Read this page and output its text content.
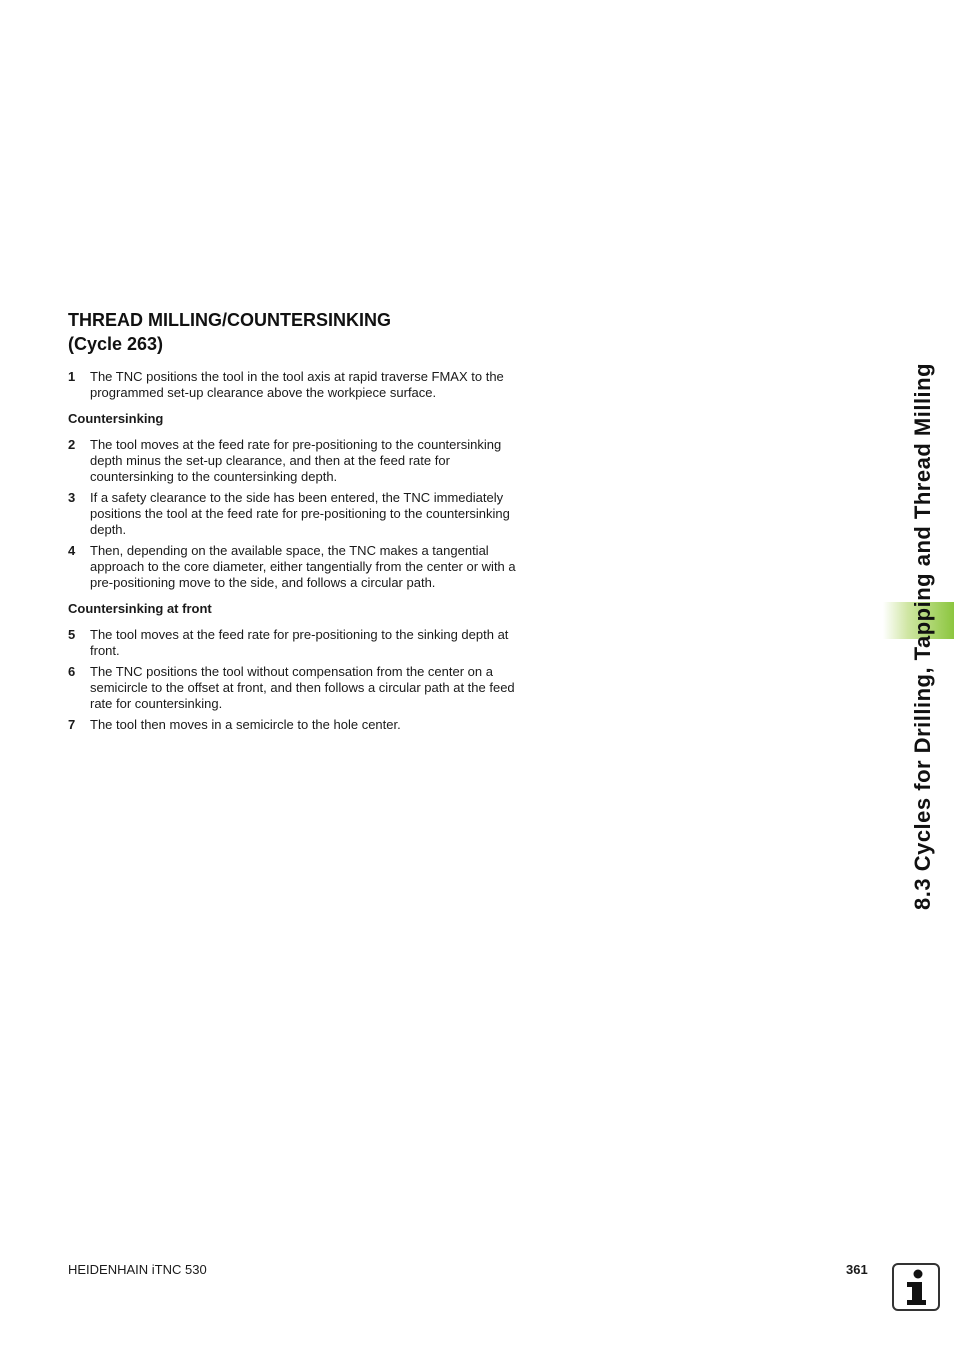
THREAD MILLING/COUNTERSINKING
(Cycle 263)
1	The TNC positions the tool in the tool axis at rapid traverse FMAX to the programmed set-up clearance above the workpiece surface.
Countersinking
2	The tool moves at the feed rate for pre-positioning to the countersinking depth minus the set-up clearance, and then at the feed rate for countersinking to the countersinking depth.
3	If a safety clearance to the side has been entered, the TNC immediately positions the tool at the feed rate for pre-positioning to the countersinking depth.
4	Then, depending on the available space, the TNC makes a tangential approach to the core diameter, either tangentially from the center or with a pre-positioning move to the side, and follows a circular path.
Countersinking at front
5	The tool moves at the feed rate for pre-positioning to the sinking depth at front.
6	The TNC positions the tool without compensation from the center on a semicircle to the offset at front, and then follows a circular path at the feed rate for countersinking.
7	The tool then moves in a semicircle to the hole center.	8.3 Cycles for Drilling, Tapping and Thread Milling
HEIDENHAIN iTNC 530	361
